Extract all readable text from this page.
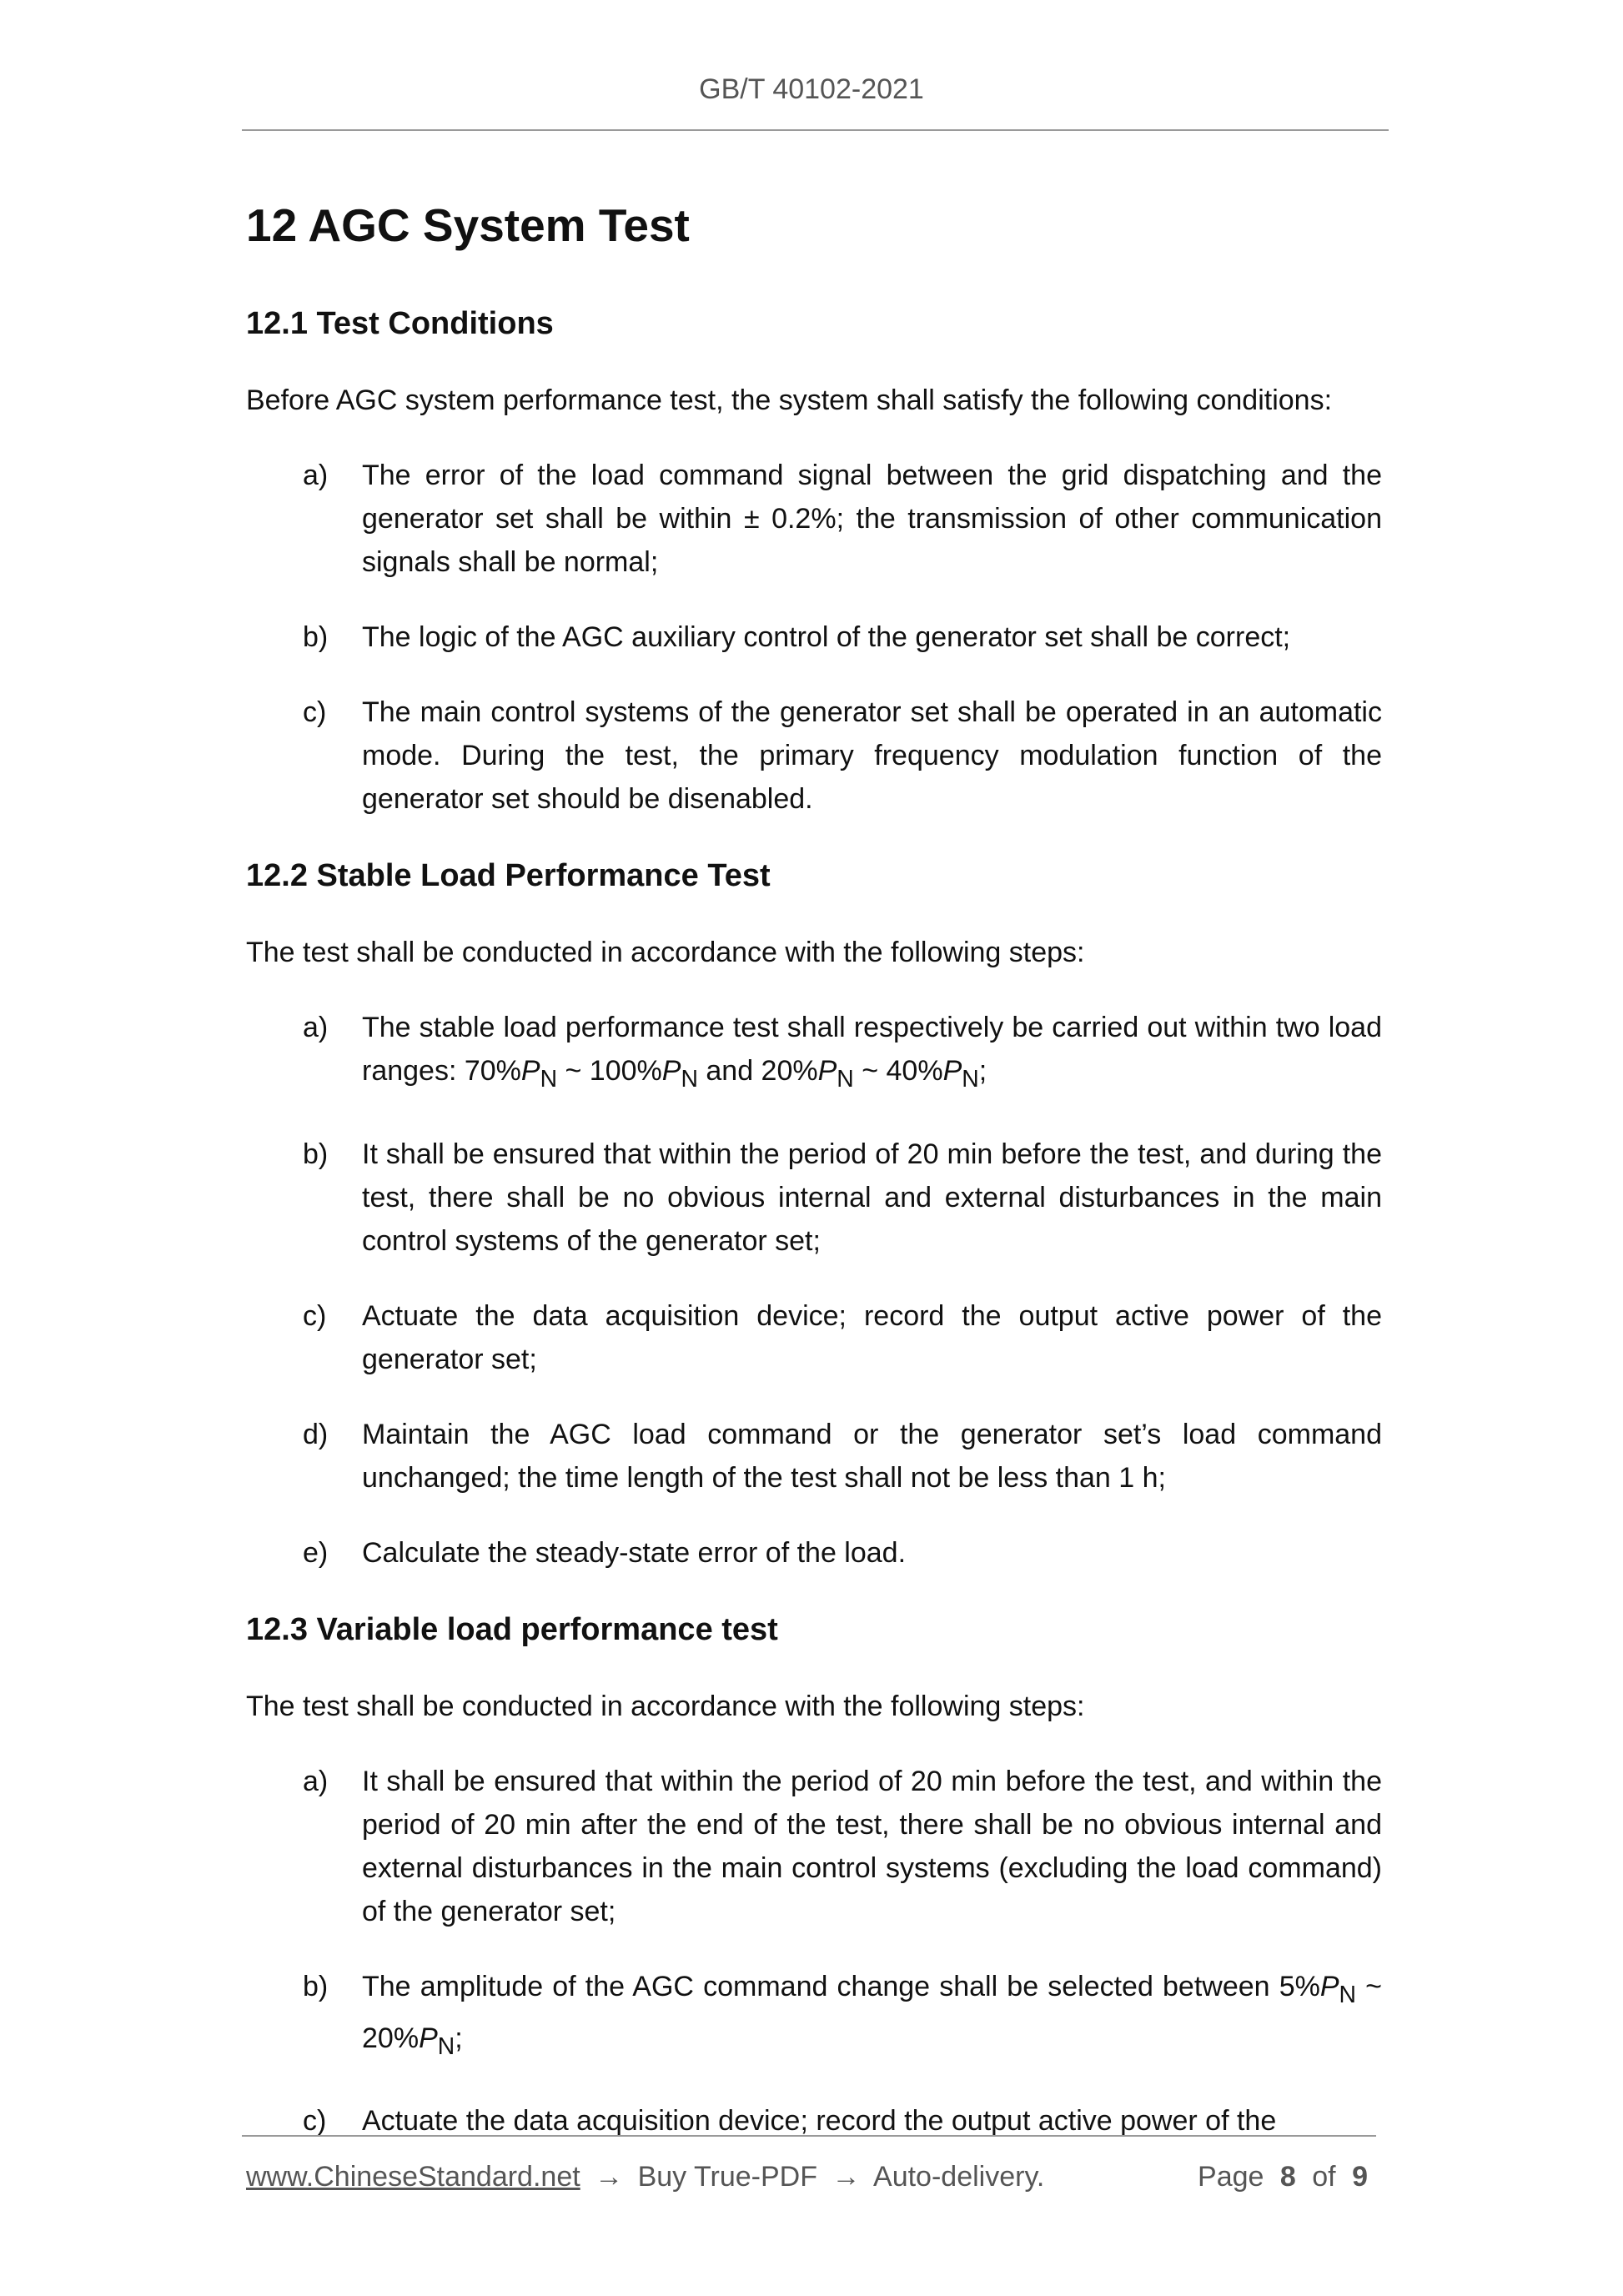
GB/T 40102-2021
12 AGC System Test
12.1 Test Conditions

Before AGC system performance test, the system shall satisfy the following conditions:

a) The error of the load command signal between the grid dispatching and the generator set shall be within ± 0.2%; the transmission of other communication signals shall be normal;
b) The logic of the AGC auxiliary control of the generator set shall be correct;
c) The main control systems of the generator set shall be operated in an automatic mode. During the test, the primary frequency modulation function of the generator set should be disenabled.
12.2 Stable Load Performance Test

The test shall be conducted in accordance with the following steps:

a) The stable load performance test shall respectively be carried out within two load ranges: $70\%P_N$ ~ $100\%P_N$ and $20\%P_N$ ~ $40\%P_N$;
b) It shall be ensured that within the period of 20 min before the test, and during the test, there shall be no obvious internal and external disturbances in the main control systems of the generator set;
c) Actuate the data acquisition device; record the output active power of the generator set;
d) Maintain the AGC load command or the generator set’s load command unchanged; the time length of the test shall not be less than 1 h;
e) Calculate the steady-state error of the load.
12.3 Variable load performance test

The test shall be conducted in accordance with the following steps:

a) It shall be ensured that within the period of 20 min before the test, and within the period of 20 min after the end of the test, there shall be no obvious internal and external disturbances in the main control systems (excluding the load command) of the generator set;
b) The amplitude of the AGC command change shall be selected between $5\%P_N$ ~ $20\%P_N$;
c) Actuate the data acquisition device; record the output active power of the
www.ChineseStandard.net → Buy True-PDF → Auto-delivery.	Page 8 of 9
